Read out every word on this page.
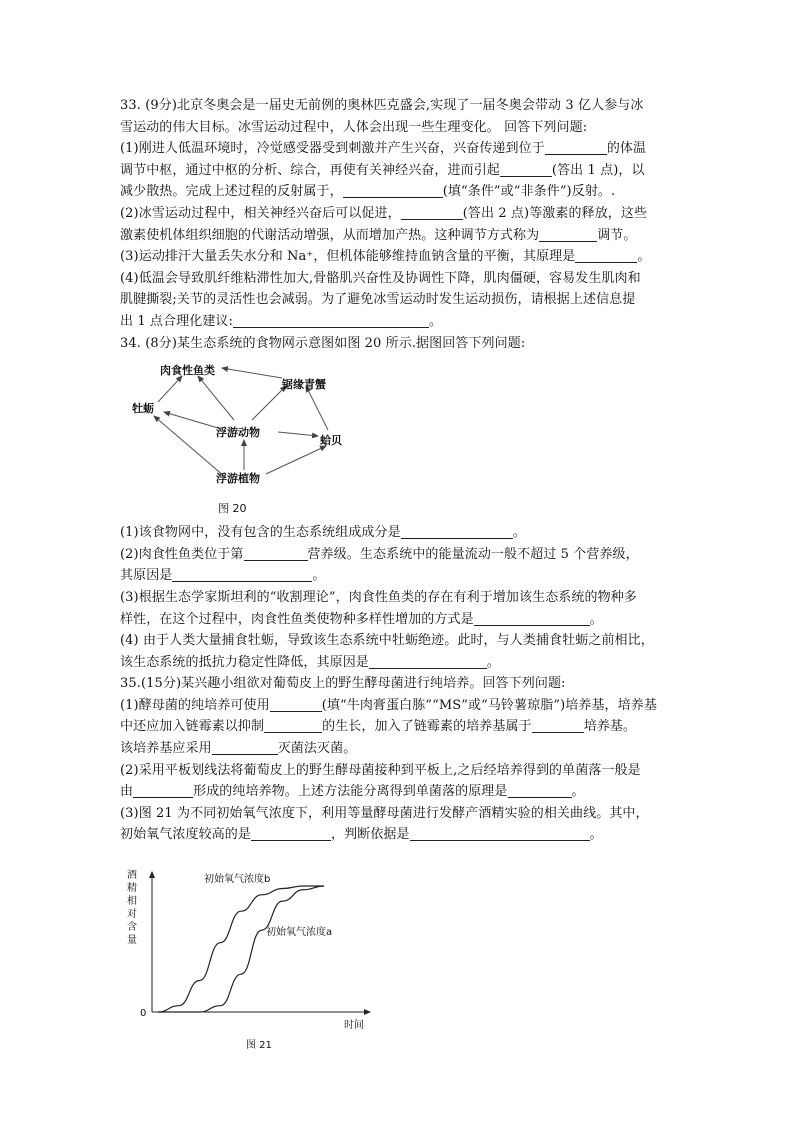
33. (9分)北京冬奥会是一届史无前例的奥林匹克盛会,实现了一届冬奥会带动 3 亿人参与冰
雪运动的伟大目标。冰雪运动过程中，人体会出现一些生理变化。 回答下列问题:
(1)刚进人低温环境时，冷觉感受器受到刺激并产生兴奋，兴奋传递到位于	的体温
调节中枢，通过中枢的分析、综合，再使有关神经兴奋，进而引起	(答出 1 点)，以
减少散热。完成上述过程的反射属于，	(填“条件”或“非条件”)反射。.
(2)冰雪运动过程中，相关神经兴奋后可以促进，	(答出 2 点)等激素的释放，这些
激素使机体组织细胞的代谢活动增强，从而增加产热。这种调节方式称为	调节。
(3)运动排汗大量丢失水分和 Na⁺，但机体能够维持血钠含量的平衡，其原理是	。
(4)低温会导致肌纤维粘滞性加大,骨骼肌兴奋性及协调性下降，肌肉僵硬，容易发生肌肉和
肌腱撕裂;关节的灵活性也会减弱。为了避免冰雪运动时发生运动损伤，请根据上述信息提
出 1 点合理化建议:	。
34. (8分)某生态系统的食物网示意图如图 20 所示.据图回答下列问题:
肉食性鱼类
锯缘青蟹
牡蛎
浮游动物
蛤贝
浮游植物
图 20
(1)该食物网中，没有包含的生态系统组成成分是	。
(2)肉食性鱼类位于第	营养级。生态系统中的能量流动一般不超过 5 个营养级，
其原因是	。
(3)根据生态学家斯坦利的“收割理论”，肉食性鱼类的存在有利于增加该生态系统的物种多
样性，在这个过程中，肉食性鱼类使物种多样性增加的方式是	。
(4) 由于人类大量捕食牡蛎，导致该生态系统中牡蛎绝迹。此时，与人类捕食牡蛎之前相比，
该生态系统的抵抗力稳定性降低，其原因是	。
35.(15分)某兴趣小组欲对葡萄皮上的野生酵母菌进行纯培养。回答下列问题:
(1)酵母菌的纯培养可使用	(填“牛肉膏蛋白胨”“MS”或“马铃薯琼脂”)培养基，培养基
中还应加入链霉素以抑制	的生长，加入了链霉素的培养基属于	培养基。
该培养基应采用	灭菌法灭菌。
(2)采用平板划线法将葡萄皮上的野生酵母菌接种到平板上,之后经培养得到的单菌落一般是
由	形成的纯培养物。上述方法能分离得到单菌落的原理是	。
(3)图 21 为不同初始氧气浓度下，利用等量酵母菌进行发酵产酒精实验的相关曲线。其中，
初始氧气浓度较高的是	，判断依据是	。
酒精相对含量
0
时间
初始氧气浓度b
初始氧气浓度a
图 21
